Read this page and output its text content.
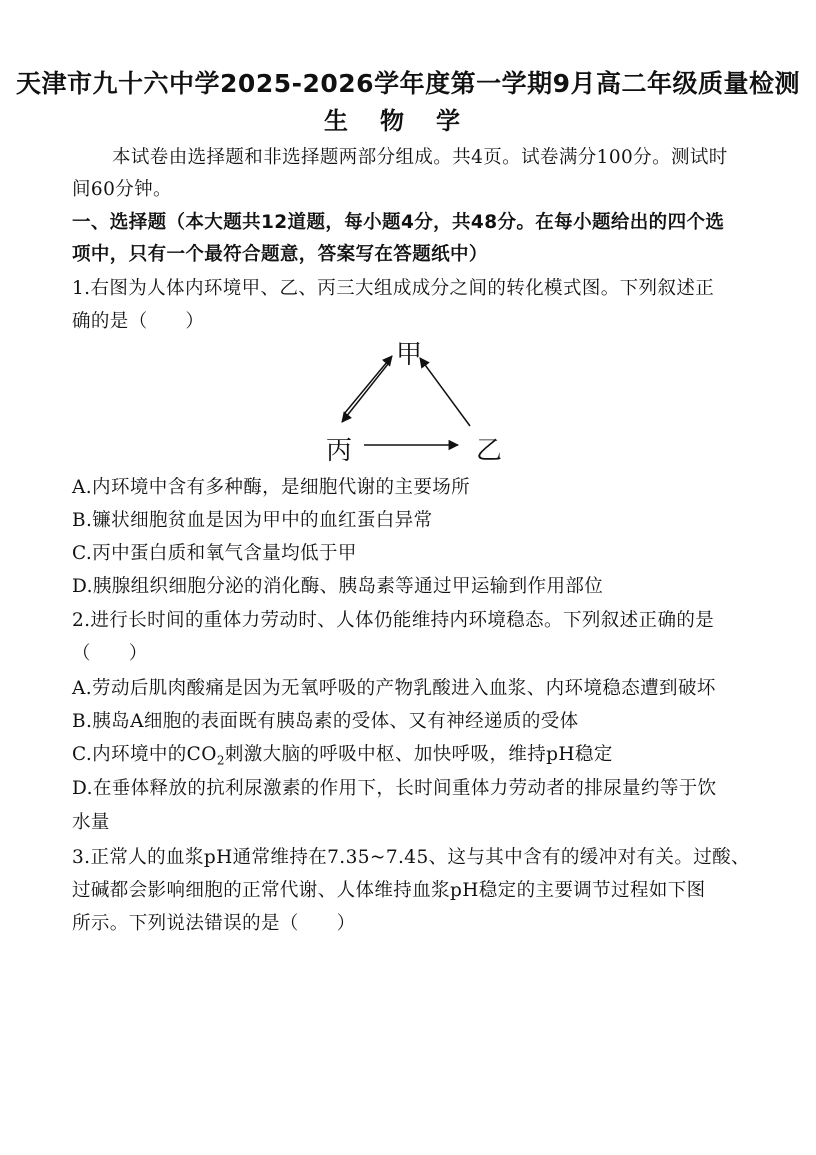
天津市九十六中学2025-2026学年度第一学期9月高二年级质量检测
生物学
本试卷由选择题和非选择题两部分组成。共4页。试卷满分100分。测试时
间60分钟。
一、选择题（本大题共12道题，每小题4分，共48分。在每小题给出的四个选
项中，只有一个最符合题意，答案写在答题纸中）
1.右图为人体内环境甲、乙、丙三大组成成分之间的转化模式图。下列叙述正
确的是（　　）
甲
丙	乙
A.内环境中含有多种酶，是细胞代谢的主要场所
B.镰状细胞贫血是因为甲中的血红蛋白异常
C.丙中蛋白质和氧气含量均低于甲
D.胰腺组织细胞分泌的消化酶、胰岛素等通过甲运输到作用部位
2.进行长时间的重体力劳动时、人体仍能维持内环境稳态。下列叙述正确的是
（　　）
A.劳动后肌肉酸痛是因为无氧呼吸的产物乳酸进入血浆、内环境稳态遭到破坏
B.胰岛A细胞的表面既有胰岛素的受体、又有神经递质的受体
C.内环境中的$CO_2$刺激大脑的呼吸中枢、加快呼吸，维持pH稳定
D.在垂体释放的抗利尿激素的作用下，长时间重体力劳动者的排尿量约等于饮
水量
3.正常人的血浆pH通常维持在7.35~7.45、这与其中含有的缓冲对有关。过酸、
过碱都会影响细胞的正常代谢、人体维持血浆pH稳定的主要调节过程如下图
所示。下列说法错误的是（　　）
